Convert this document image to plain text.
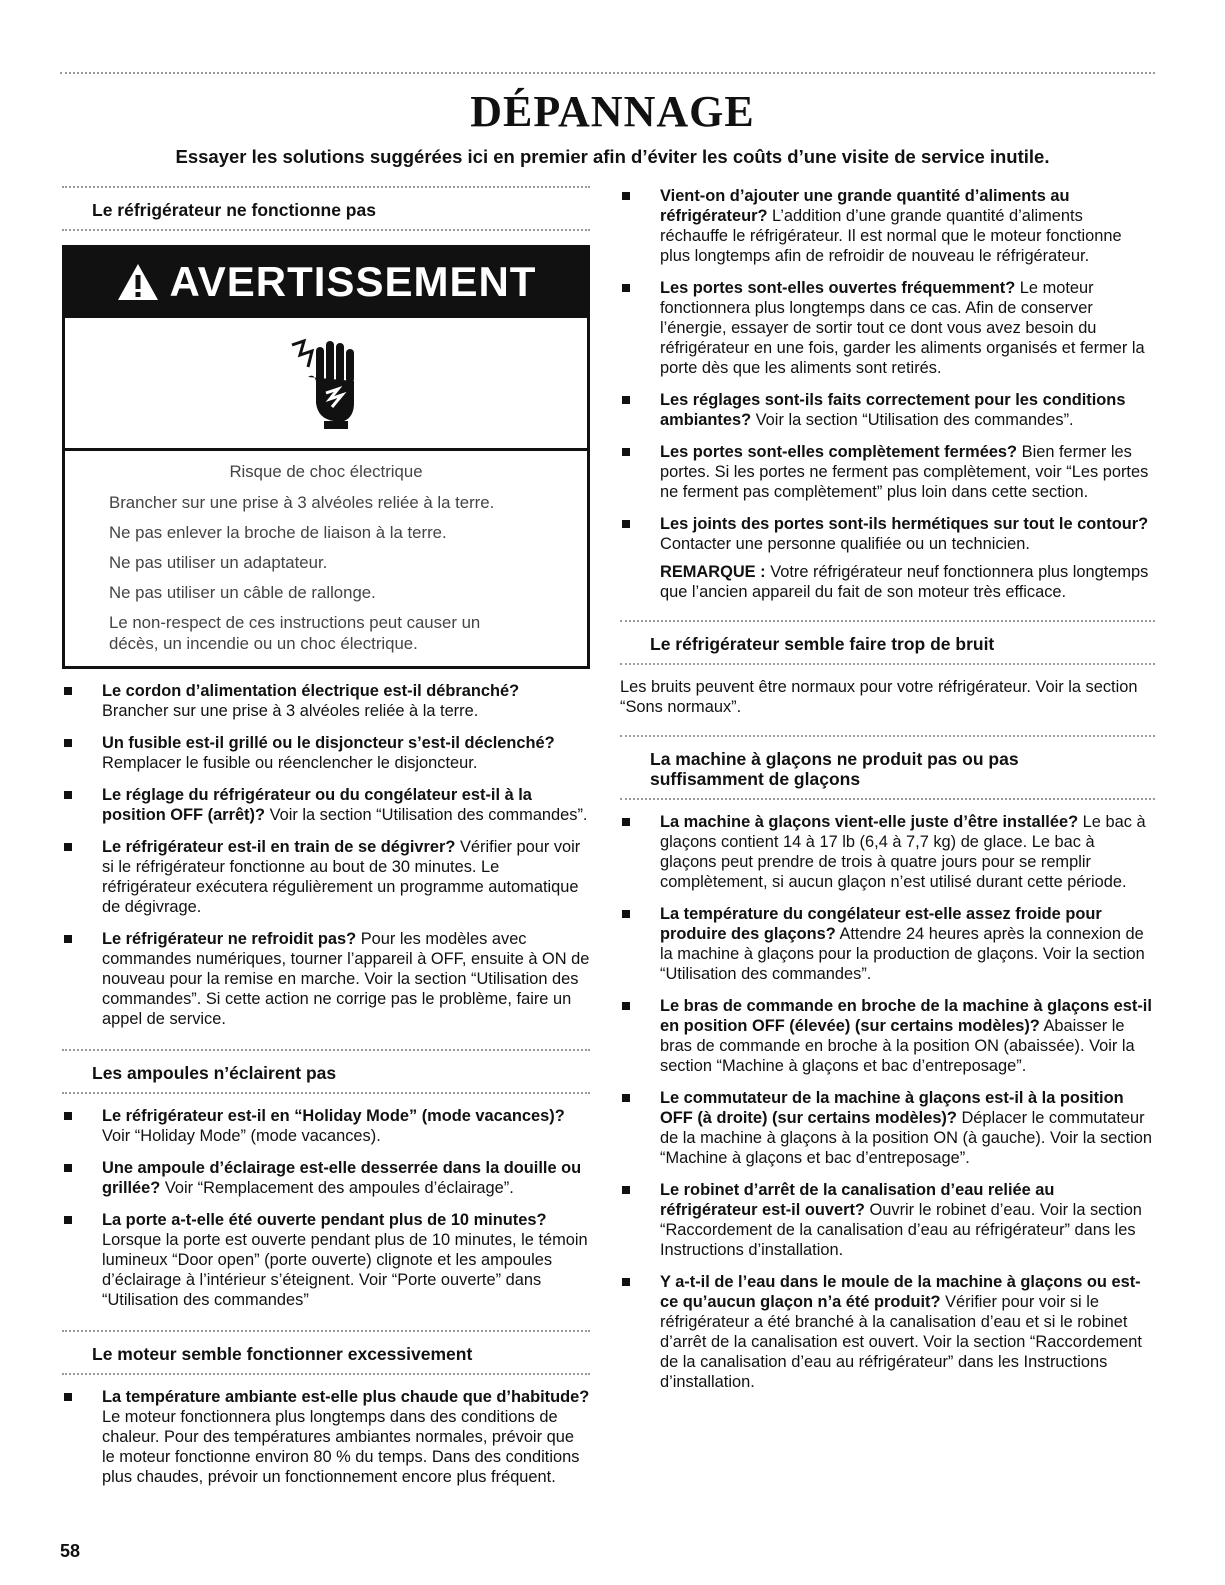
DÉPANNAGE
Essayer les solutions suggérées ici en premier afin d’éviter les coûts d’une visite de service inutile.
Le réfrigérateur ne fonctionne pas
AVERTISSEMENT
Risque de choc électrique

Brancher sur une prise à 3 alvéoles reliée à la terre.

Ne pas enlever la broche de liaison à la terre.

Ne pas utiliser un adaptateur.

Ne pas utiliser un câble de rallonge.

Le non-respect de ces instructions peut causer un décès, un incendie ou un choc électrique.

Le cordon d’alimentation électrique est-il débranché?
Brancher sur une prise à 3 alvéoles reliée à la terre.
Un fusible est-il grillé ou le disjoncteur s’est-il déclenché?
Remplacer le fusible ou réenclencher le disjoncteur.
Le réglage du réfrigérateur ou du congélateur est-il à la position OFF (arrêt)? Voir la section “Utilisation des commandes”.
Le réfrigérateur est-il en train de se dégivrer? Vérifier pour voir si le réfrigérateur fonctionne au bout de 30 minutes. Le réfrigérateur exécutera régulièrement un programme automatique de dégivrage.
Le réfrigérateur ne refroidit pas? Pour les modèles avec commandes numériques, tourner l’appareil à OFF, ensuite à ON de nouveau pour la remise en marche. Voir la section “Utilisation des commandes”. Si cette action ne corrige pas le problème, faire un appel de service.
Les ampoules n’éclairent pas
Le réfrigérateur est-il en “Holiday Mode” (mode vacances)? Voir “Holiday Mode” (mode vacances).
Une ampoule d’éclairage est-elle desserrée dans la douille ou grillée? Voir “Remplacement des ampoules d’éclairage”.
La porte a-t-elle été ouverte pendant plus de 10 minutes?
Lorsque la porte est ouverte pendant plus de 10 minutes, le témoin lumineux “Door open” (porte ouverte) clignote et les ampoules d’éclairage à l’intérieur s’éteignent. Voir “Porte ouverte” dans “Utilisation des commandes”
Le moteur semble fonctionner excessivement
La température ambiante est-elle plus chaude que d’habitude? Le moteur fonctionnera plus longtemps dans des conditions de chaleur. Pour des températures ambiantes normales, prévoir que le moteur fonctionne environ 80 % du temps. Dans des conditions plus chaudes, prévoir un fonctionnement encore plus fréquent.
Vient-on d’ajouter une grande quantité d’aliments au réfrigérateur? L’addition d’une grande quantité d’aliments réchauffe le réfrigérateur. Il est normal que le moteur fonctionne plus longtemps afin de refroidir de nouveau le réfrigérateur.
Les portes sont-elles ouvertes fréquemment? Le moteur fonctionnera plus longtemps dans ce cas. Afin de conserver l’énergie, essayer de sortir tout ce dont vous avez besoin du réfrigérateur en une fois, garder les aliments organisés et fermer la porte dès que les aliments sont retirés.
Les réglages sont-ils faits correctement pour les conditions ambiantes? Voir la section “Utilisation des commandes”.
Les portes sont-elles complètement fermées? Bien fermer les portes. Si les portes ne ferment pas complètement, voir “Les portes ne ferment pas complètement” plus loin dans cette section.
Les joints des portes sont-ils hermétiques sur tout le contour? Contacter une personne qualifiée ou un technicien.
REMARQUE : Votre réfrigérateur neuf fonctionnera plus longtemps que l’ancien appareil du fait de son moteur très efficace.
Le réfrigérateur semble faire trop de bruit
Les bruits peuvent être normaux pour votre réfrigérateur. Voir la section “Sons normaux”.
La machine à glaçons ne produit pas ou pas
suffisamment de glaçons
La machine à glaçons vient-elle juste d’être installée? Le bac à glaçons contient 14 à 17 lb (6,4 à 7,7 kg) de glace. Le bac à glaçons peut prendre de trois à quatre jours pour se remplir complètement, si aucun glaçon n’est utilisé durant cette période.
La température du congélateur est-elle assez froide pour produire des glaçons? Attendre 24 heures après la connexion de la machine à glaçons pour la production de glaçons. Voir la section “Utilisation des commandes”.
Le bras de commande en broche de la machine à glaçons est-il en position OFF (élevée) (sur certains modèles)? Abaisser le bras de commande en broche à la position ON (abaissée). Voir la section “Machine à glaçons et bac d’entreposage”.
Le commutateur de la machine à glaçons est-il à la position OFF (à droite) (sur certains modèles)? Déplacer le commutateur de la machine à glaçons à la position ON (à gauche). Voir la section “Machine à glaçons et bac d’entreposage”.
Le robinet d’arrêt de la canalisation d’eau reliée au réfrigérateur est-il ouvert? Ouvrir le robinet d’eau. Voir la section “Raccordement de la canalisation d’eau au réfrigérateur” dans les Instructions d’installation.
Y a-t-il de l’eau dans le moule de la machine à glaçons ou est-ce qu’aucun glaçon n’a été produit? Vérifier pour voir si le réfrigérateur a été branché à la canalisation d’eau et si le robinet d’arrêt de la canalisation est ouvert. Voir la section “Raccordement de la canalisation d’eau au réfrigérateur” dans les Instructions d’installation.
58
